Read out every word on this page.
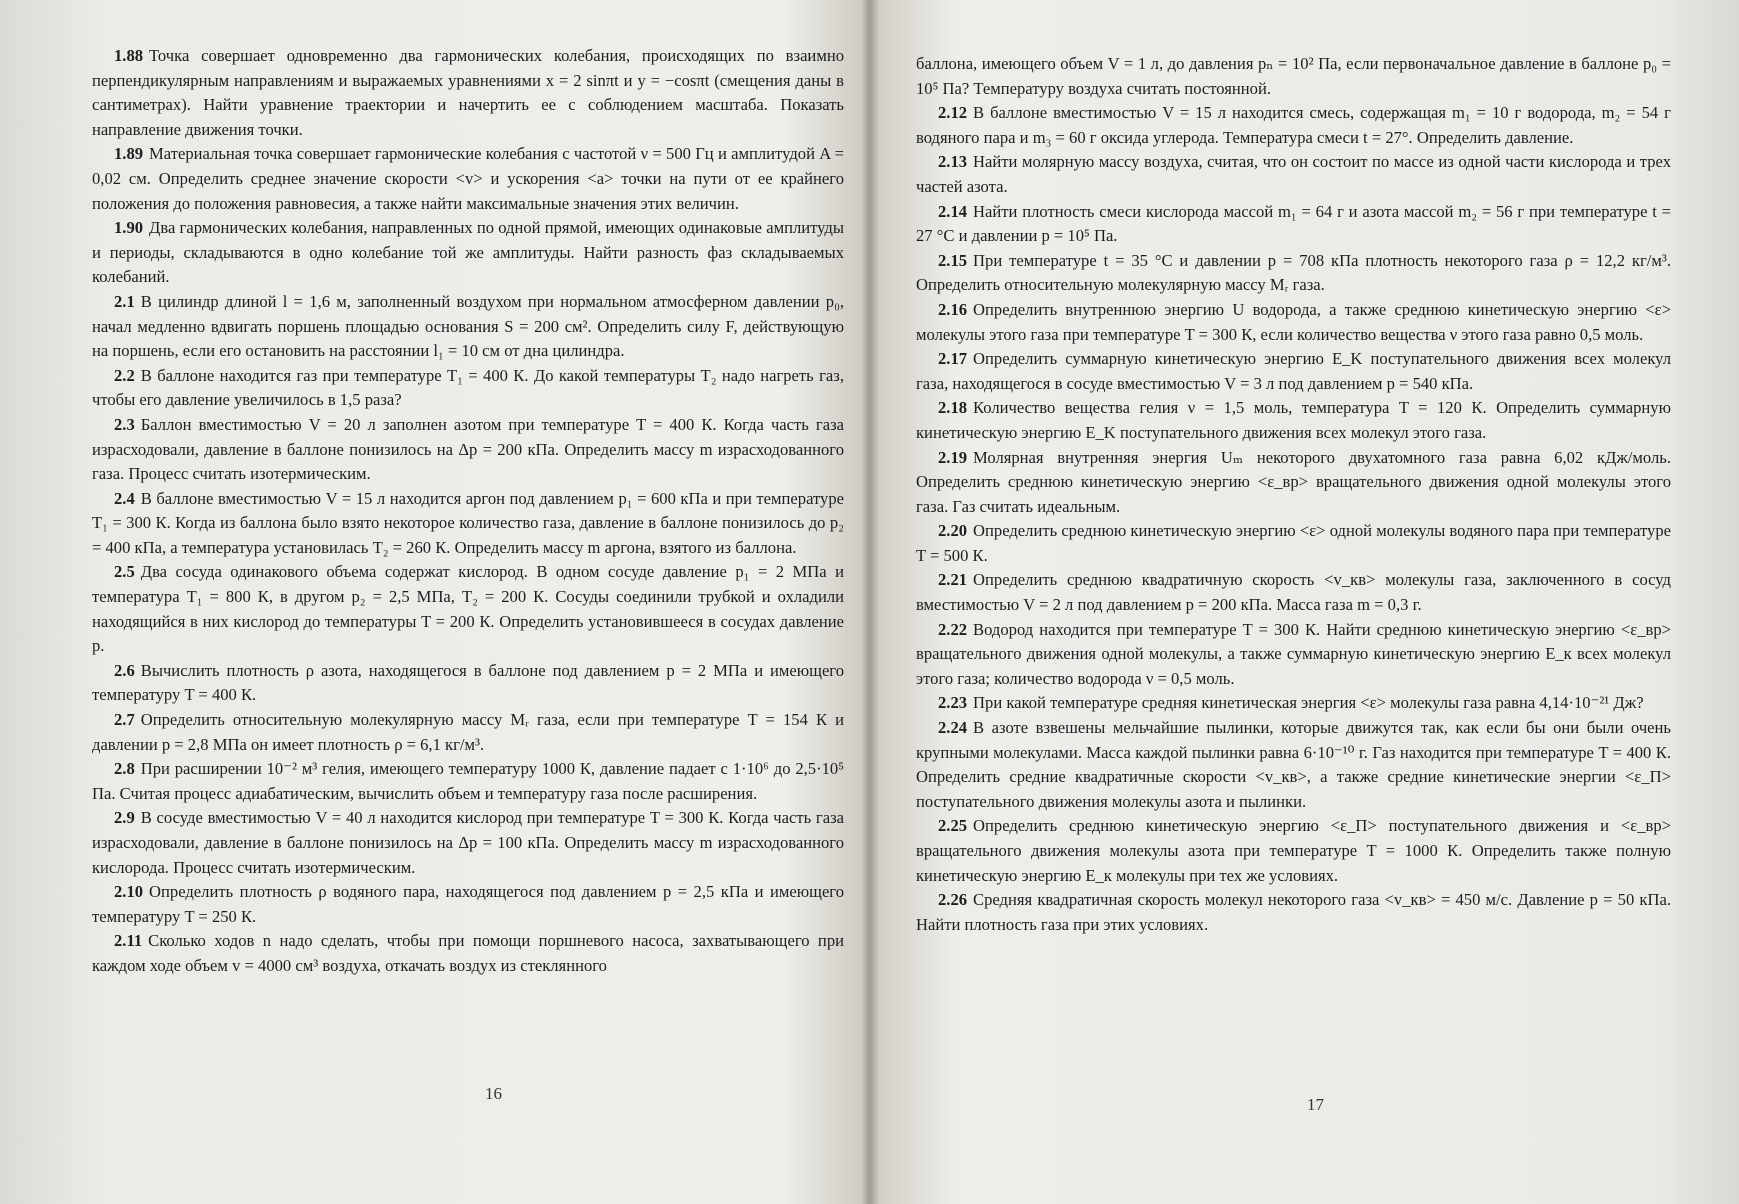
1.88 Точка совершает одновременно два гармонических колебания, происходящих по взаимно перпендикулярным направлениям и выражаемых уравнениями x = 2 sinπt и y = −cosπt (смещения даны в сантиметрах). Найти уравнение траектории и начертить ее с соблюдением масштаба. Показать направление движения точки.

1.89 Материальная точка совершает гармонические колебания с частотой ν = 500 Гц и амплитудой A = 0,02 см. Определить среднее значение скорости <v> и ускорения <a> точки на пути от ее крайнего положения до положения равновесия, а также найти максимальные значения этих величин.

1.90 Два гармонических колебания, направленных по одной прямой, имеющих одинаковые амплитуды и периоды, складываются в одно колебание той же амплитуды. Найти разность фаз складываемых колебаний.

2.1 В цилиндр длиной l = 1,6 м, заполненный воздухом при нормальном атмосферном давлении p₀, начал медленно вдвигать поршень площадью основания S = 200 см². Определить силу F, действующую на поршень, если его остановить на расстоянии l₁ = 10 см от дна цилиндра.

2.2 В баллоне находится газ при температуре T₁ = 400 К. До какой температуры T₂ надо нагреть газ, чтобы его давление увеличилось в 1,5 раза?

2.3 Баллон вместимостью V = 20 л заполнен азотом при температуре T = 400 К. Когда часть газа израсходовали, давление в баллоне понизилось на Δp = 200 кПа. Определить массу m израсходованного газа. Процесс считать изотермическим.

2.4 В баллоне вместимостью V = 15 л находится аргон под давлением p₁ = 600 кПа и при температуре T₁ = 300 К. Когда из баллона было взято некоторое количество газа, давление в баллоне понизилось до p₂ = 400 кПа, а температура установилась T₂ = 260 К. Определить массу m аргона, взятого из баллона.

2.5 Два сосуда одинакового объема содержат кислород. В одном сосуде давление p₁ = 2 МПа и температура T₁ = 800 К, в другом p₂ = 2,5 МПа, T₂ = 200 К. Сосуды соединили трубкой и охладили находящийся в них кислород до температуры T = 200 К. Определить установившееся в сосудах давление p.

2.6 Вычислить плотность ρ азота, находящегося в баллоне под давлением p = 2 МПа и имеющего температуру T = 400 К.

2.7 Определить относительную молекулярную массу Mᵣ газа, если при температуре T = 154 К и давлении p = 2,8 МПа он имеет плотность ρ = 6,1 кг/м³.

2.8 При расширении 10⁻² м³ гелия, имеющего температуру 1000 К, давление падает с 1·10⁶ до 2,5·10⁵ Па. Считая процесс адиабатическим, вычислить объем и температуру газа после расширения.

2.9 В сосуде вместимостью V = 40 л находится кислород при температуре T = 300 К. Когда часть газа израсходовали, давление в баллоне понизилось на Δp = 100 кПа. Определить массу m израсходованного кислорода. Процесс считать изотермическим.

2.10 Определить плотность ρ водяного пара, находящегося под давлением p = 2,5 кПа и имеющего температуру T = 250 К.

2.11 Сколько ходов n надо сделать, чтобы при помощи поршневого насоса, захватывающего при каждом ходе объем v = 4000 см³ воздуха, откачать воздух из стеклянного

баллона, имеющего объем V = 1 л, до давления pₙ = 10² Па, если первоначальное давление в баллоне p₀ = 10⁵ Па? Температуру воздуха считать постоянной.

2.12 В баллоне вместимостью V = 15 л находится смесь, содержащая m₁ = 10 г водорода, m₂ = 54 г водяного пара и m₃ = 60 г оксида углерода. Температура смеси t = 27°. Определить давление.

2.13 Найти молярную массу воздуха, считая, что он состоит по массе из одной части кислорода и трех частей азота.

2.14 Найти плотность смеси кислорода массой m₁ = 64 г и азота массой m₂ = 56 г при температуре t = 27 °С и давлении p = 10⁵ Па.

2.15 При температуре t = 35 °С и давлении p = 708 кПа плотность некоторого газа ρ = 12,2 кг/м³. Определить относительную молекулярную массу Mᵣ газа.

2.16 Определить внутреннюю энергию U водорода, а также среднюю кинетическую энергию <ε> молекулы этого газа при температуре T = 300 К, если количество вещества ν этого газа равно 0,5 моль.

2.17 Определить суммарную кинетическую энергию E_K поступательного движения всех молекул газа, находящегося в сосуде вместимостью V = 3 л под давлением p = 540 кПа.

2.18 Количество вещества гелия ν = 1,5 моль, температура T = 120 К. Определить суммарную кинетическую энергию E_K поступательного движения всех молекул этого газа.

2.19 Молярная внутренняя энергия Uₘ некоторого двухатомного газа равна 6,02 кДж/моль. Определить среднюю кинетическую энергию <ε_вр> вращательного движения одной молекулы этого газа. Газ считать идеальным.

2.20 Определить среднюю кинетическую энергию <ε> одной молекулы водяного пара при температуре T = 500 К.

2.21 Определить среднюю квадратичную скорость <v_кв> молекулы газа, заключенного в сосуд вместимостью V = 2 л под давлением p = 200 кПа. Масса газа m = 0,3 г.

2.22 Водород находится при температуре T = 300 К. Найти среднюю кинетическую энергию <ε_вр> вращательного движения одной молекулы, а также суммарную кинетическую энергию E_к всех молекул этого газа; количество водорода ν = 0,5 моль.

2.23 При какой температуре средняя кинетическая энергия <ε> молекулы газа равна 4,14·10⁻²¹ Дж?

2.24 В азоте взвешены мельчайшие пылинки, которые движутся так, как если бы они были очень крупными молекулами. Масса каждой пылинки равна 6·10⁻¹⁰ г. Газ находится при температуре T = 400 К. Определить средние квадратичные скорости <v_кв>, а также средние кинетические энергии <ε_П> поступательного движения молекулы азота и пылинки.

2.25 Определить среднюю кинетическую энергию <ε_П> поступательного движения и <ε_вр> вращательного движения молекулы азота при температуре T = 1000 К. Определить также полную кинетическую энергию E_к молекулы при тех же условиях.

2.26 Средняя квадратичная скорость молекул некоторого газа <v_кв> = 450 м/с. Давление p = 50 кПа. Найти плотность газа при этих условиях.

16
17
